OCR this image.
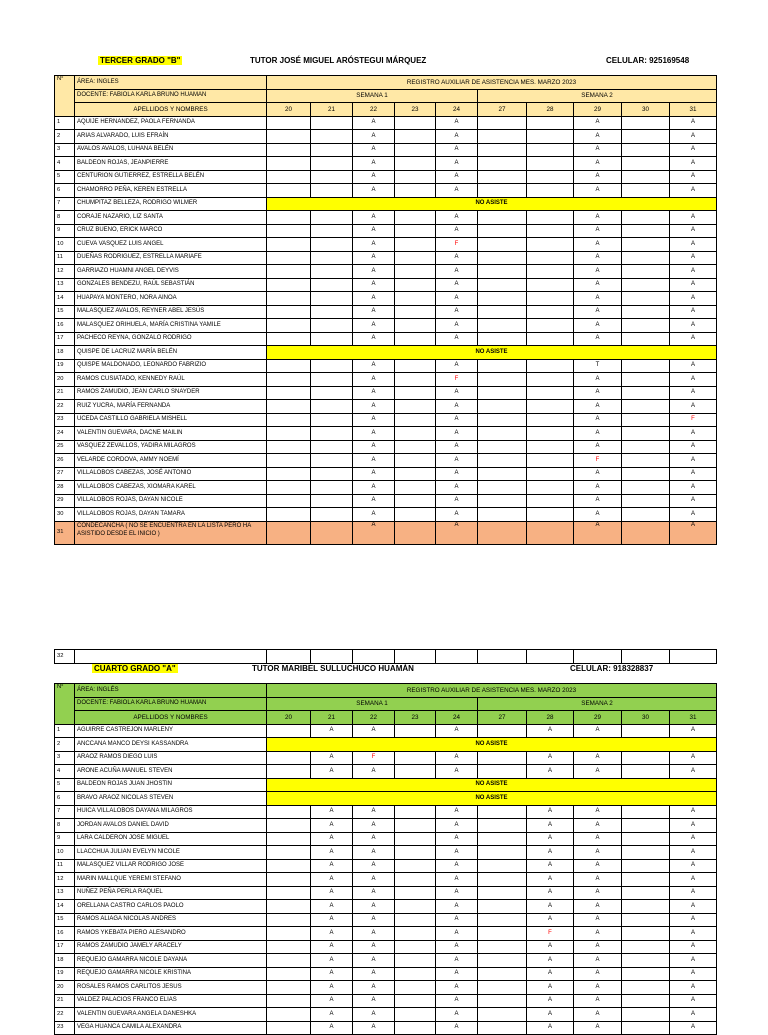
TERCER GRADO "B"	TUTOR JOSÉ MIGUEL ARÓSTEGUI MÁRQUEZ	CELULAR: 925169548
N°	ÁREA: INGLES	REGISTRO AUXILIAR DE ASISTENCIA MES. MARZO 2023									
	DOCENTE: FABIOLA KARLA BRUNO HUAMAN	SEMANA 1					SEMANA 2				
	APELLIDOS Y NOMBRES	20	21	22	23	24	27	28	29	30	31
1	AQUIJE HERNANDEZ, PAOLA FERNANDA			A		A			A		A
2	ARIAS ALVARADO, LUIS EFRAÍN			A		A			A		A
3	AVALOS AVALOS, LUHANA BELÉN			A		A			A		A
4	BALDEON ROJAS, JEANPIERRE			A		A			A		A
5	CENTURION GUTIERREZ, ESTRELLA BELÉN			A		A			A		A
6	CHAMORRO PEÑA, KEREN ESTRELLA			A		A			A		A
7	CHUMPITAZ BELLEZA, RODRIGO WILMER	NO ASISTE									
8	CORAJE NAZARIO, LIZ SANTA			A		A			A		A
9	CRUZ BUENO, ERICK MARCO			A		A			A		A
10	CUEVA VASQUEZ LUIS ANGEL			A		F			A		A
11	DUEÑAS RODRIGUEZ, ESTRELLA MARIAFE			A		A			A		A
12	GARRIAZO HUAMNI ANGEL DEYVIS			A		A			A		A
13	GONZALES BENDEZU, RAÚL SEBASTIÁN			A		A			A		A
14	HUAPAYA MONTERO, NORA AINOA			A		A			A		A
15	MALASQUEZ AVALOS, REYNER ABEL JESÚS			A		A			A		A
16	MALASQUEZ ORIHUELA, MARÍA CRISTINA YAMILE			A		A			A		A
17	PACHECO REYNA, GONZALO RODRIGO			A		A			A		A
18	QUISPE DE LACRUZ MARÍA BELÉN	NO ASISTE									
19	QUISPE MALDONADO, LEONARDO FABRIZIO			A		A			T		A
20	RAMOS CUSIATADO, KENNEDY RAÚL			A		F			A		A
21	RAMOS ZAMUDIO, JEAN CARLO SNAYDER			A		A			A		A
22	RUIZ YUCRA, MARÍA FERNANDA			A		A			A		A
23	UCEDA CASTILLO GABRIELA MISHELL			A		A			A		F
24	VALENTIN GUEVARA, DACNE MAILIN			A		A			A		A
25	VASQUEZ ZEVALLOS, YADIRA MILAGROS			A		A			A		A
26	VELARDE CORDOVA, AMMY NOEMÍ			A		A			F		A
27	VILLALOBOS CABEZAS, JOSÉ ANTONIO			A		A			A		A
28	VILLALOBOS CABEZAS, XIOMARA KAREL			A		A			A		A
29	VILLALOBOS ROJAS, DAYAN NICOLE			A		A			A		A
30	VILLALOBOS ROJAS, DAYAN TAMARA			A		A			A		A
31	CONDECANCHA ( NO SE ENCUENTRA EN LA LISTA PERO HA ASISTIDO DESDE EL INICIO )			A		A			A		A
CUARTO GRADO "A"	TUTOR MARIBEL SULLUCHUCO HUAMÁN	CELULAR: 918328837
32											
N°	ÁREA: INGLÉS	REGISTRO AUXILIAR DE ASISTENCIA MES. MARZO 2023									
	DOCENTE: FABIOLA KARLA BRUNO HUAMAN	SEMANA 1					SEMANA 2				
	APELLIDOS Y NOMBRES	20	21	22	23	24	27	28	29	30	31
1	AGUIRRE CASTREJON MARLENY		A	A		A		A	A		A
2	ANCCANA MANCO DEYSI KASSANDRA	NO ASISTE									
3	ARAOZ RAMOS DIEGO LUIS		A	F		A		A	A		A
4	ARONE ACUÑA MANUEL STEVEN		A	A		A		A	A		A
5	BALDEON ROJAS JUAN JHOSTIN	NO ASISTE									
6	BRAVO ARAOZ NICOLAS STEVEN	NO ASISTE									
7	HUICA VILLALOBOS DAYANA MILAGROS		A	A		A		A	A		A
8	JORDAN AVALOS DANIEL DAVID		A	A		A		A	A		A
9	LARA CALDERON JOSE MIGUEL		A	A		A		A	A		A
10	LLACCHUA JULIAN EVELYN NICOLE		A	A		A		A	A		A
11	MALASQUEZ VILLAR RODRIGO JOSE		A	A		A		A	A		A
12	MARIN MALLQUE YEREMI STEFANO		A	A		A		A	A		A
13	NUÑEZ PEÑA PERLA RAQUEL		A	A		A		A	A		A
14	ORELLANA CASTRO CARLOS PAOLO		A	A		A		A	A		A
15	RAMOS ALIAGA NICOLAS ANDRES		A	A		A		A	A		A
16	RAMOS YKEBATA PIERO ALESANDRO		A	A		A		F	A		A
17	RAMOS ZAMUDIO JAMELY ARACELY		A	A		A		A	A		A
18	REQUEJO GAMARRA NICOLE DAYANA		A	A		A		A	A		A
19	REQUEJO GAMARRA NICOLE KRISTINA		A	A		A		A	A		A
20	ROSALES RAMOS CARLITOS JESUS		A	A		A		A	A		A
21	VALDEZ PALACIOS FRANCO ELIAS		A	A		A		A	A		A
22	VALENTIN GUEVARA ANGELA DANESHKA		A	A		A		A	A		A
23	VEGA HUANCA CAMILA ALEXANDRA		A	A		A		A	A		A
